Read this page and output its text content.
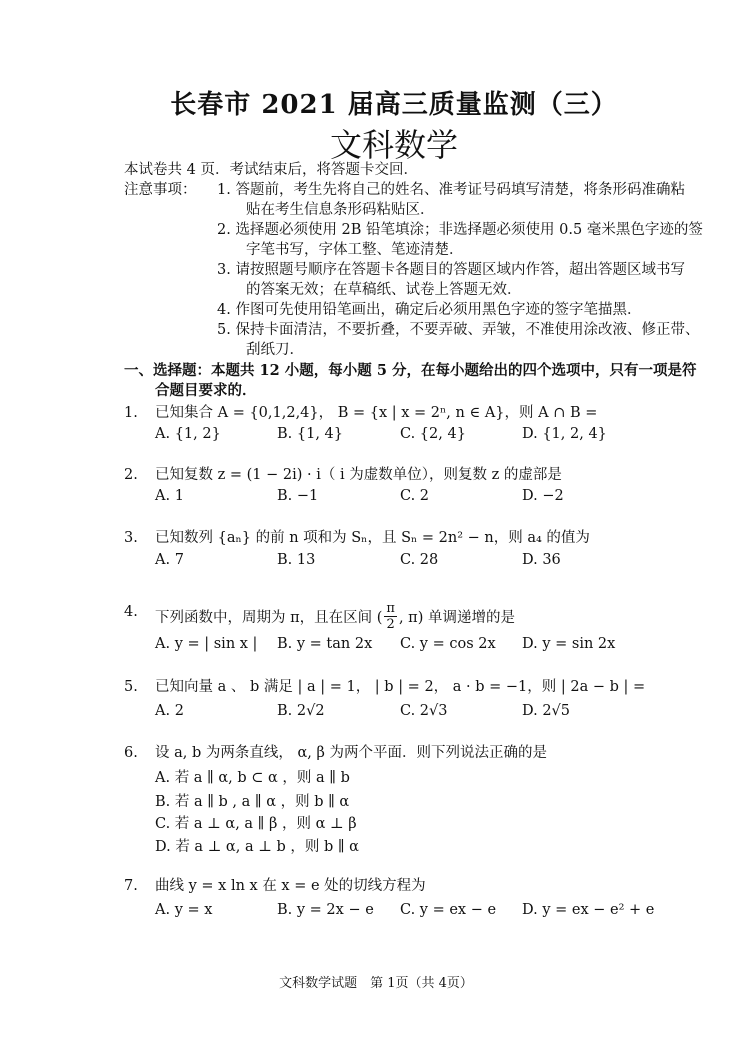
长春市 2021 届高三质量监测（三）
文科数学
本试卷共 4 页．考试结束后，将答题卡交回．
注意事项： 1. 答题前，考生先将自己的姓名、准考证号码填写清楚，将条形码准确粘
贴在考生信息条形码粘贴区．
2. 选择题必须使用 2B 铅笔填涂；非选择题必须使用 0.5 毫米黑色字迹的签
字笔书写，字体工整、笔迹清楚．
3. 请按照题号顺序在答题卡各题目的答题区域内作答，超出答题区域书写
的答案无效；在草稿纸、试卷上答题无效．
4. 作图可先使用铅笔画出，确定后必须用黑色字迹的签字笔描黑．
5. 保持卡面清洁，不要折叠，不要弄破、弄皱，不准使用涂改液、修正带、
刮纸刀．
一、选择题：本题共 12 小题，每小题 5 分，在每小题给出的四个选项中，只有一项是符
合题目要求的．
1. 已知集合 A = {0,1,2,4}， B = {x | x = 2ⁿ, n ∈ A}，则 A ∩ B =
A. {1, 2}	B. {1, 4}	C. {2, 4}	D. {1, 2, 4}
2. 已知复数 z = (1 − 2i) · i（ i 为虚数单位），则复数 z 的虚部是
A. 1	B. −1	C. 2	D. −2
3. 已知数列 {aₙ} 的前 n 项和为 Sₙ，且 Sₙ = 2n² − n，则 a₄ 的值为
A. 7	B. 13	C. 28	D. 36
4. 下列函数中，周期为 π，且在区间 ( $\frac{\pi}{2}$ , π) 单调递增的是
A. y = | sin x | B. y = tan 2x C. y = cos 2x D. y = sin 2x
5. 已知向量 a 、 b 满足 | a | = 1， | b | = 2， a · b = −1，则 | 2a − b | =
A. 2	B. 2√2	C. 2√3	D. 2√5
6. 设 a, b 为两条直线， α, β 为两个平面．则下列说法正确的是
A. 若 a ∥ α, b ⊂ α ，则 a ∥ b
B. 若 a ∥ b , a ∥ α ，则 b ∥ α
C. 若 a ⊥ α, a ∥ β ，则 α ⊥ β
D. 若 a ⊥ α, a ⊥ b ，则 b ∥ α
7. 曲线 y = x ln x 在 x = e 处的切线方程为
A. y = x	B. y = 2x − e C. y = ex − e D. y = ex − e² + e
文科数学试题　第 1页（共 4页）
